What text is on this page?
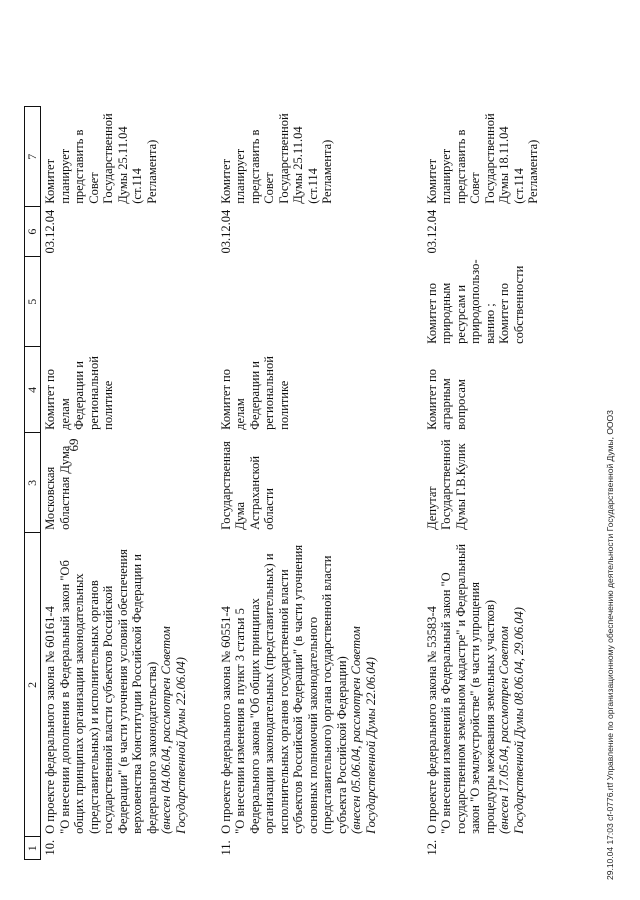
69
1	2	3	4	5	6	7
10.	О проекте федерального закона № 60161-4 "О внесении дополнения в Федеральный закон "Об общих принципах организации законодательных (представительных) и исполнительных органов государственной власти субъектов Российской Федерации" (в части уточнения условий обеспечения верховенства Конституции Российской Федерации и федерального законодательства) (внесен 04.06.04, рассмотрен Советом Государственной Думы 22.06.04)	Московская областная Дума	Комитет по делам Федерации и региональной политике		03.12.04	Комитет планирует представить в Совет Государственной Думы 25.11.04 (ст.114 Регламента)
11.	О проекте федерального закона № 60551-4 "О внесении изменения в пункт 3 статьи 5 Федерального закона "Об общих принципах организации законодательных (представительных) и исполнительных органов государственной власти субъектов Российской Федерации" (в части уточнения основных полномочий законодательного (представительного) органа государственной власти субъекта Российской Федерации) (внесен 05.06.04, рассмотрен Советом Государственной Думы 22.06.04)	Государственная Дума Астраханской области	Комитет по делам Федерации и региональной политике		03.12.04	Комитет планирует представить в Совет Государственной Думы 25.11.04 (ст.114 Регламента)
12.	О проекте федерального закона № 53583-4 "О внесении изменений в Федеральный закон "О государственном земельном кадастре" и Федеральный закон "О землеустройстве" (в части упрощения процедуры межевания земельных участков) (внесен 17.05.04, рассмотрен Советом Государственной Думы 08.06.04, 29.06.04)	Депутат Государственной Думы Г.В.Кулик	Комитет по аграрным вопросам	Комитет по природным ресурсам и природопользо-ванию ; Комитет по собственности	03.12.04	Комитет планирует представить в Совет Государственной Думы 18.11.04 (ст.114 Регламента)
29.10.04 17:03 cf-0776.rtf Управление по организационному обеспечению деятельности Государственной Думы, ООО3
